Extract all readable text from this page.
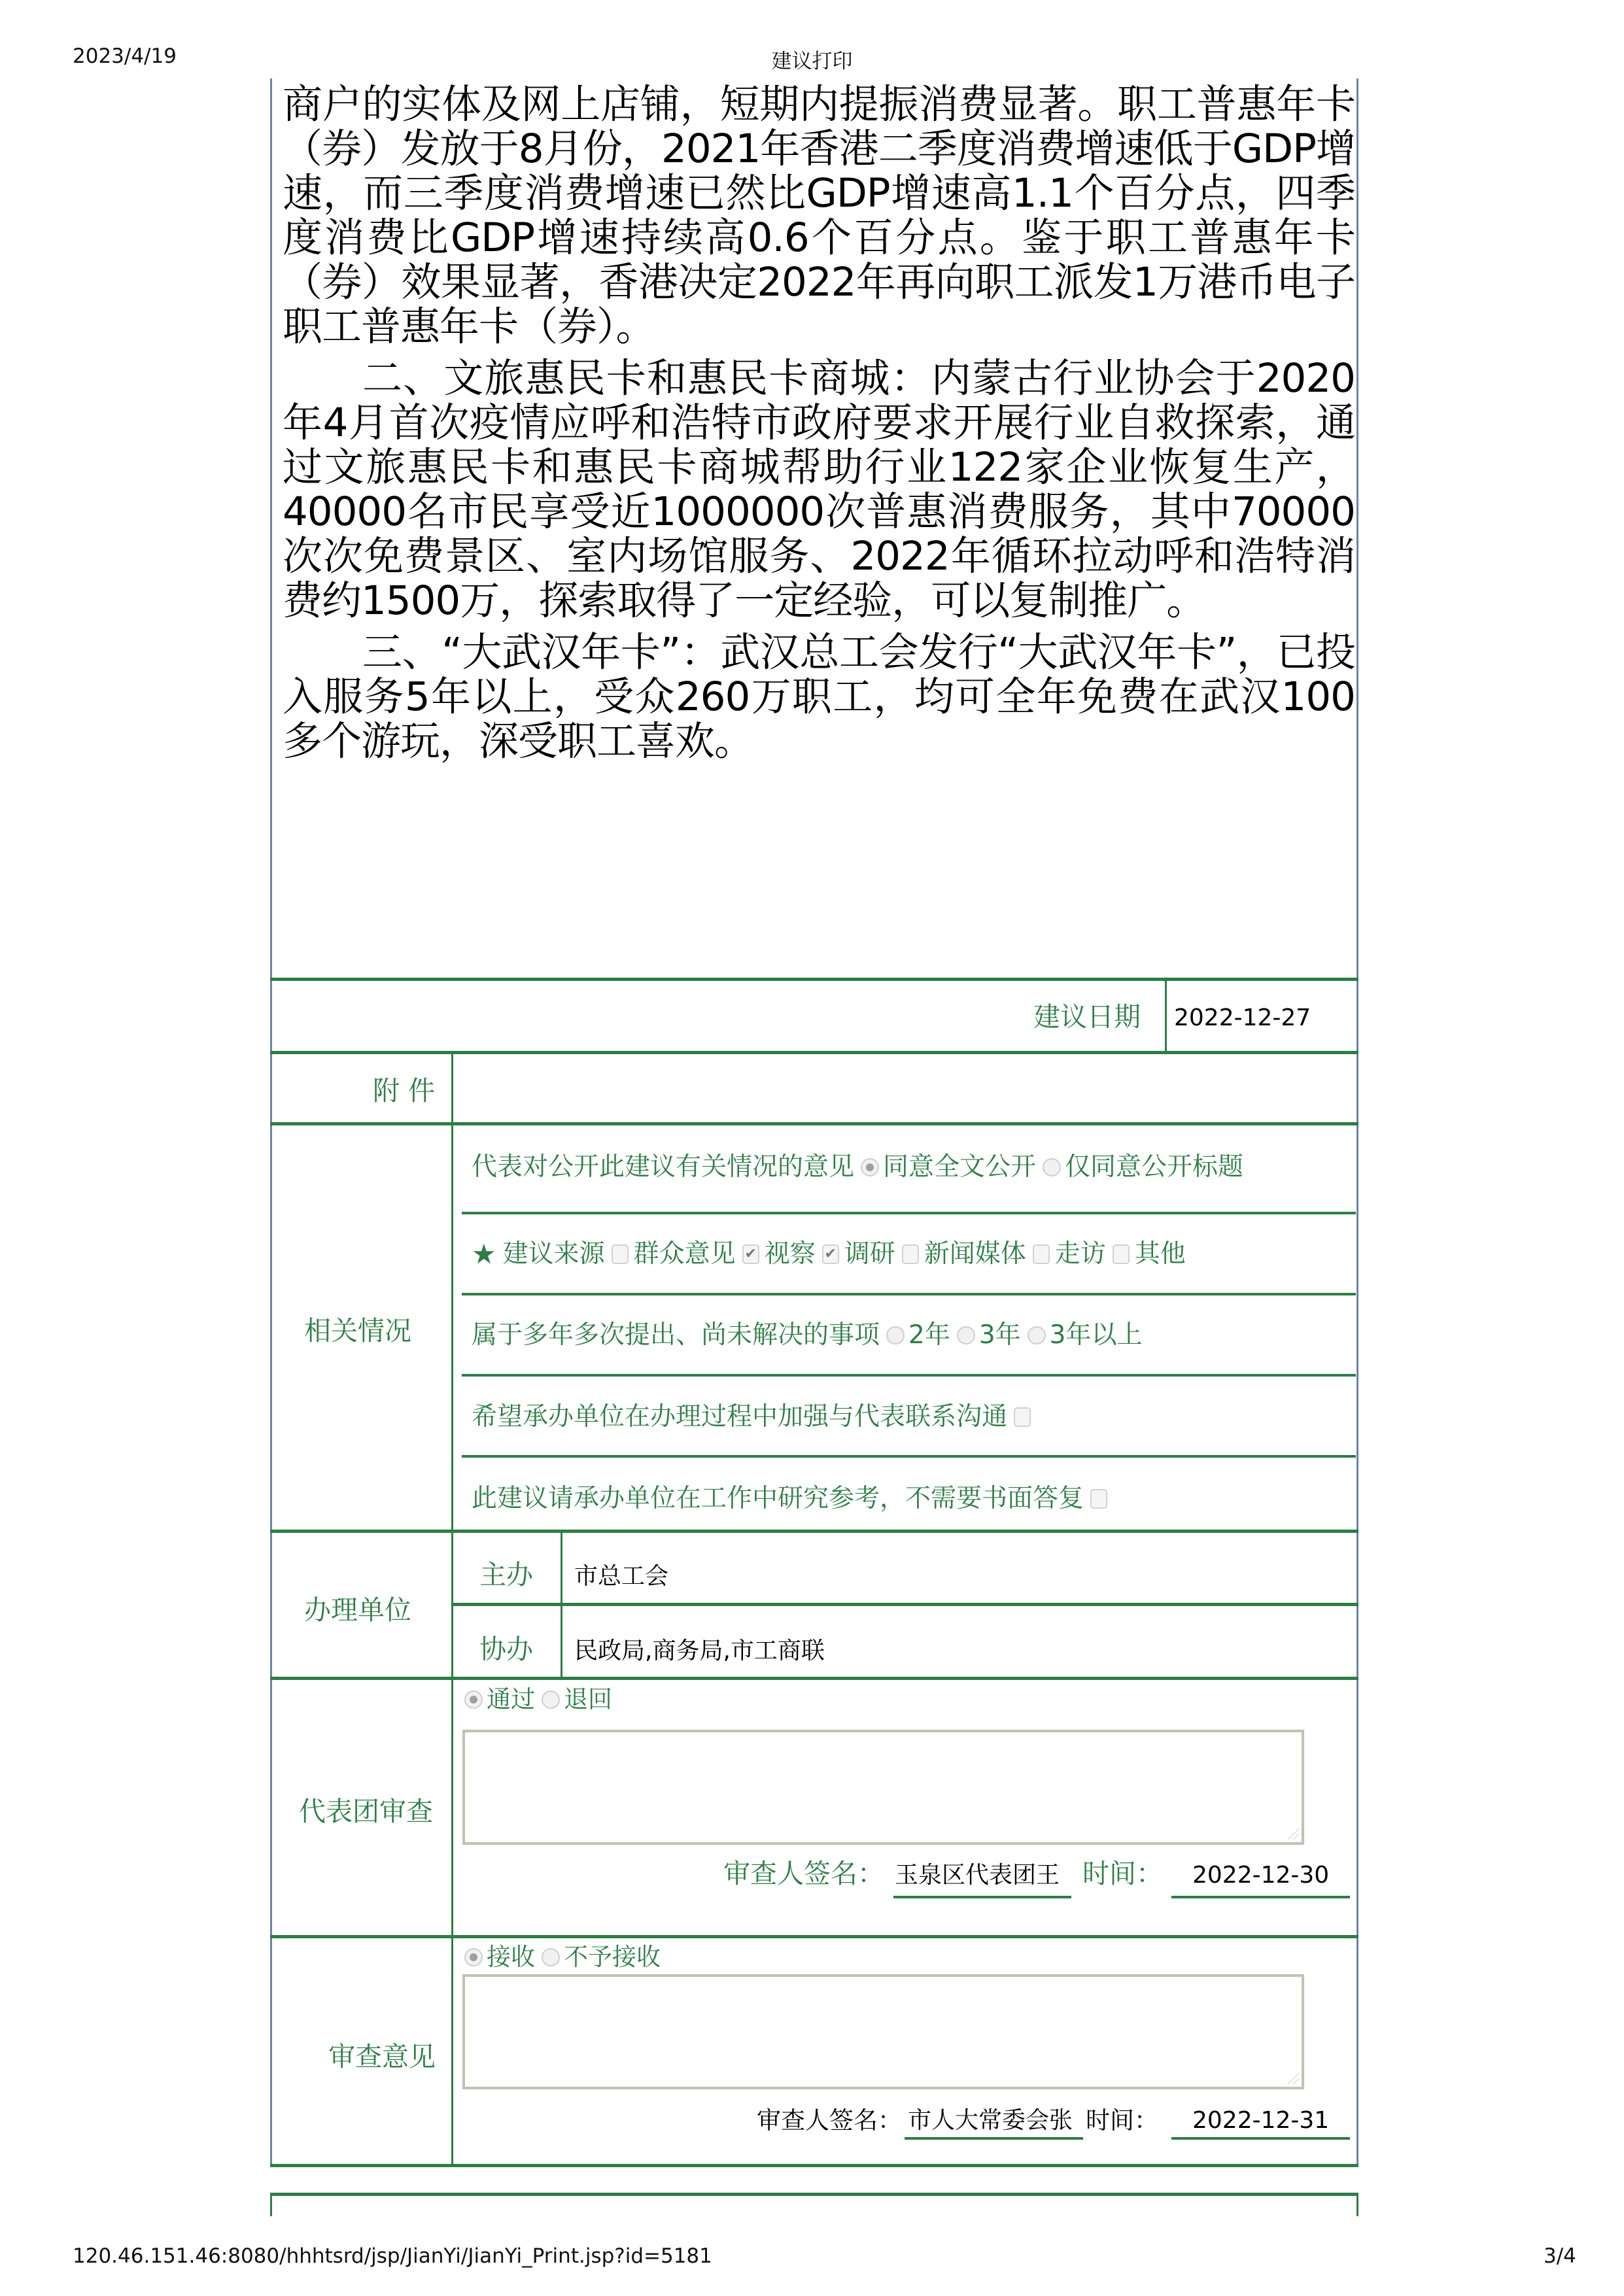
2023/4/19	建议打印

商户的实体及网上店铺，短期内提振消费显著。职工普惠年卡（券）发放于8月份，2021年香港二季度消费增速低于GDP增速，而三季度消费增速已然比GDP增速高1.1个百分点，四季度消费比GDP增速持续高0.6个百分点。鉴于职工普惠年卡（券）效果显著，香港决定2022年再向职工派发1万港币电子职工普惠年卡（券）。

二、文旅惠民卡和惠民卡商城：内蒙古行业协会于2020年4月首次疫情应呼和浩特市政府要求开展行业自救探索，通过文旅惠民卡和惠民卡商城帮助行业122家企业恢复生产，40000名市民享受近1000000次普惠消费服务，其中70000次次免费景区、室内场馆服务、2022年循环拉动呼和浩特消费约1500万，探索取得了一定经验，可以复制推广。

三、“大武汉年卡”：武汉总工会发行“大武汉年卡”，已投入服务5年以上，受众260万职工，均可全年免费在武汉100多个游玩，深受职工喜欢。

建议日期 2022-12-27
附 件
相关情况
代表对公开此建议有关情况的意见 同意全文公开 仅同意公开标题
★ 建议来源 群众意见 ✔ 视察 ✔ 调研 新闻媒体 走访 其他
属于多年多次提出、尚未解决的事项 2年 3年 3年以上
希望承办单位在办理过程中加强与代表联系沟通
此建议请承办单位在工作中研究参考，不需要书面答复
办理单位
主办 市总工会
协办 民政局,商务局,市工商联
代表团审查
通过 退回
审查人签名： 玉泉区代表团王 时间： 2022-12-30
审查意见
接收 不予接收
审查人签名： 市人大常委会张 时间： 2022-12-31
120.46.151.46:8080/hhhtsrd/jsp/JianYi/JianYi_Print.jsp?id=5181	3/4
